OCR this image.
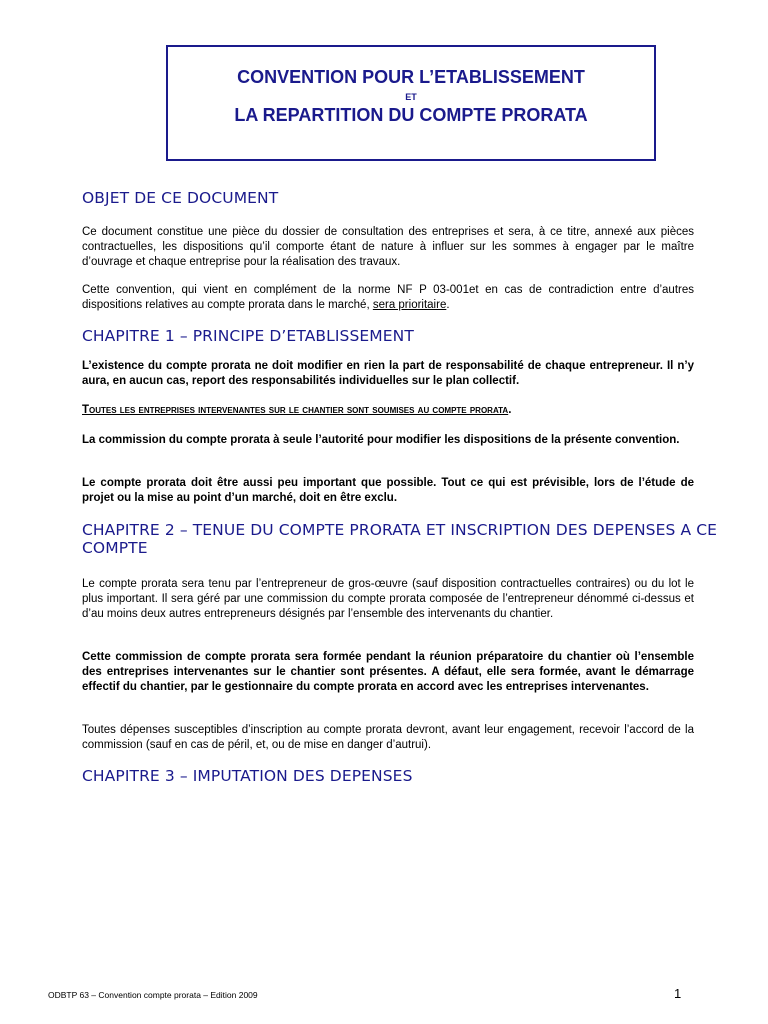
CONVENTION POUR L’ETABLISSEMENT
ET
LA REPARTITION DU COMPTE PRORATA
OBJET DE CE DOCUMENT
Ce document constitue une pièce du dossier de consultation des entreprises et sera, à ce titre, annexé aux pièces contractuelles, les dispositions qu’il comporte étant de nature à influer sur les sommes à engager par le maître d’ouvrage et chaque entreprise pour la réalisation des travaux.
Cette convention, qui vient en complément de la norme NF P 03-001et en cas de contradiction entre d’autres dispositions relatives au compte prorata dans le marché, sera prioritaire.
CHAPITRE 1 – PRINCIPE D’ETABLISSEMENT
L’existence du compte prorata ne doit modifier en rien la part de responsabilité de chaque entrepreneur. Il n’y aura, en aucun cas, report des responsabilités individuelles sur le plan collectif.
Toutes les entreprises intervenantes sur le chantier sont soumises au compte prorata.
La commission du compte prorata à seule l’autorité pour modifier les dispositions de la présente convention.
Le compte prorata doit être aussi peu important que possible. Tout ce qui est prévisible, lors de l’étude de projet ou la mise au point d’un marché, doit en être exclu.
CHAPITRE 2 – TENUE DU COMPTE PRORATA ET INSCRIPTION DES DEPENSES A CE COMPTE
Le compte prorata sera tenu par l’entrepreneur de gros-œuvre (sauf disposition contractuelles contraires) ou du lot le plus important. Il sera géré par une commission du compte prorata composée de l’entrepreneur dénommé ci-dessus et d’au moins deux autres entrepreneurs désignés par l’ensemble des intervenants du chantier.
Cette commission de compte prorata sera formée pendant la réunion préparatoire du chantier où l’ensemble des entreprises intervenantes sur le chantier sont présentes. A défaut, elle sera formée, avant le démarrage effectif du chantier, par le gestionnaire du compte prorata en accord avec les entreprises intervenantes.
Toutes dépenses susceptibles d’inscription au compte prorata devront, avant leur engagement, recevoir l’accord de la commission (sauf en cas de péril, et, ou de mise en danger d’autrui).
CHAPITRE 3 – IMPUTATION DES DEPENSES
ODBTP 63 – Convention compte prorata – Edition 2009	1
